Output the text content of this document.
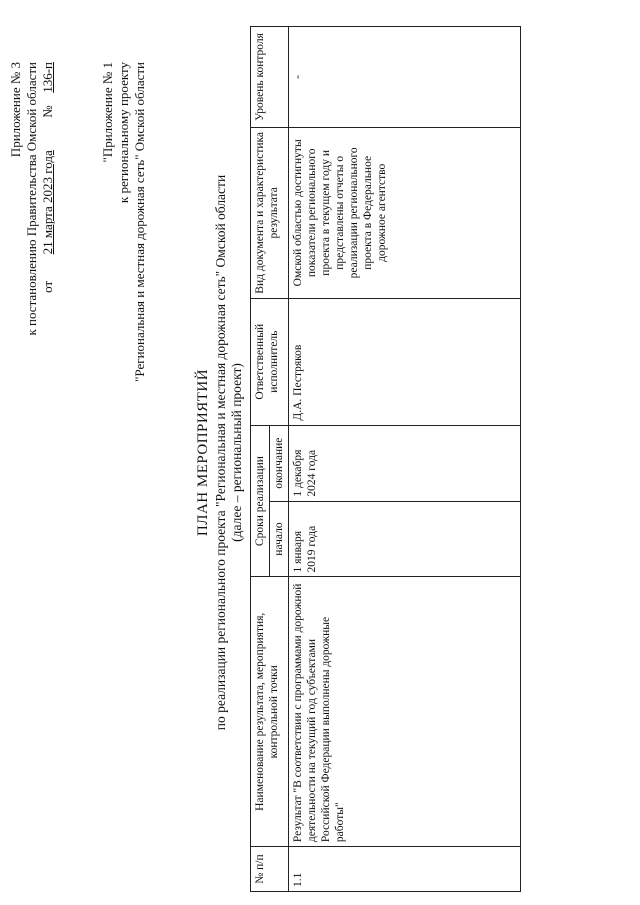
Приложение № 3 к постановлению Правительства Омской области от  21 марта 2023 года  №  136-п	"Приложение № 1 к региональному проекту "Региональная и местная дорожная сеть" Омской области
ПЛАН МЕРОПРИЯТИЙ по реализации регионального проекта "Региональная и местная дорожная сеть" Омской области (далее – региональный проект)
№ п/п	Наименование результата, мероприятия, контрольной точки	Сроки реализации		Ответственный исполнитель	Вид документа и характеристика результата	Уровень контроля
		начало	окончание			
1.1	Результат "В соответствии с программами дорожной деятельности на текущий год субъектами Российской Федерации выполнены дорожные работы"	1 января 2019 года	1 декабря 2024 года	Д.А. Пестряков	Омской областью достигнуты показатели регионального проекта в текущем году и представлены отчеты о реализации регионального проекта в Федеральное дорожное агентство	-
